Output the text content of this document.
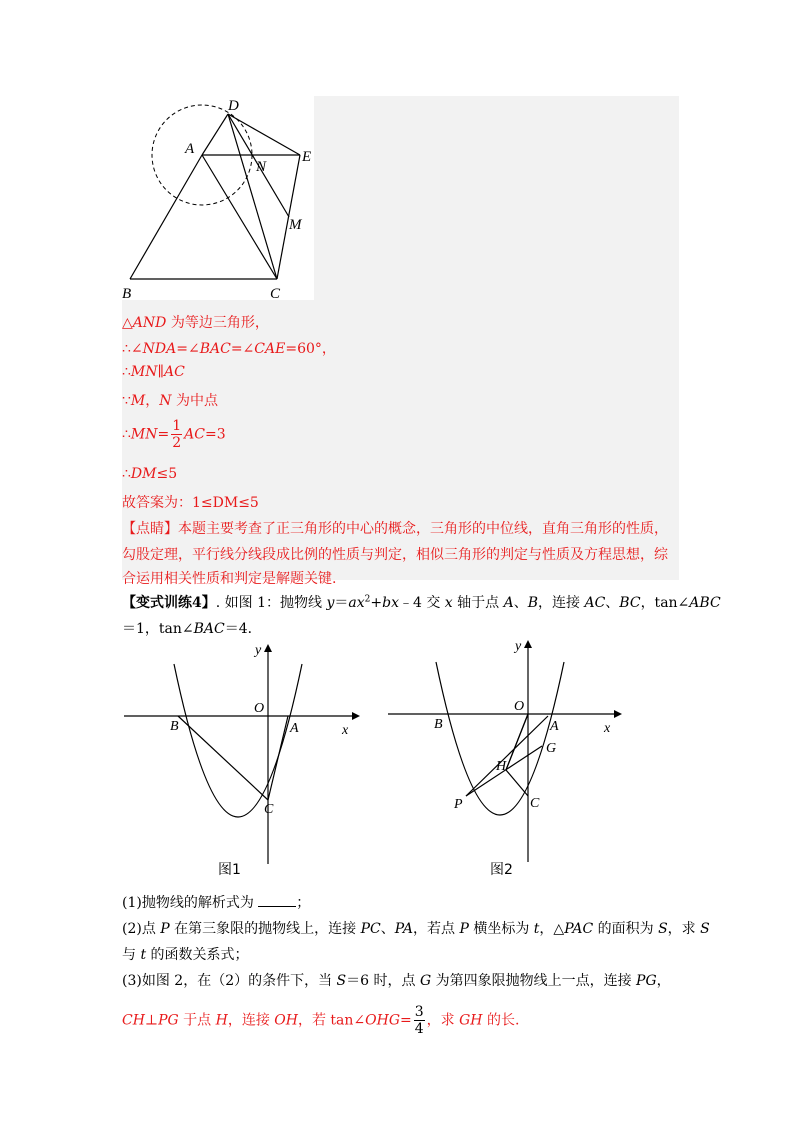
D
A
N
E
M
B	C
△AND 为等边三角形，
∴∠NDA=∠BAC=∠CAE=60°，
∴MN∥AC
∵M，N 为中点
∴MN= $\frac{1}{2} AC=3$
∴DM≤5
故答案为：1≤DM≤5
【点睛】本题主要考查了正三角形的中心的概念，三角形的中位线，直角三角形的性质，
勾股定理，平行线分线段成比例的性质与判定，相似三角形的判定与性质及方程思想，综
合运用相关性质和判定是解题关键.
【变式训练4】. 如图 1：抛物线 $y=ax^2+bx﹣4$ 交 x 轴于点 A、B，连接 AC、BC，tan∠ABC
＝1，tan∠BAC＝4．
y
x
O
A
B
C
图1
y
x
O
A
B
G
H
P	C
图2
(1)抛物线的解析式为	；
(2)点 P 在第三象限的抛物线上，连接 PC、PA，若点 P 横坐标为 t，△PAC 的面积为 S，求 S
与 t 的函数关系式；
(3)如图 2，在（2）的条件下，当 S＝6 时，点 G 为第四象限抛物线上一点，连接 PG，
CH⊥PG 于点 H，连接 OH，若 tan∠OHG= $\frac{3}{4}$ ，求 GH 的长.
